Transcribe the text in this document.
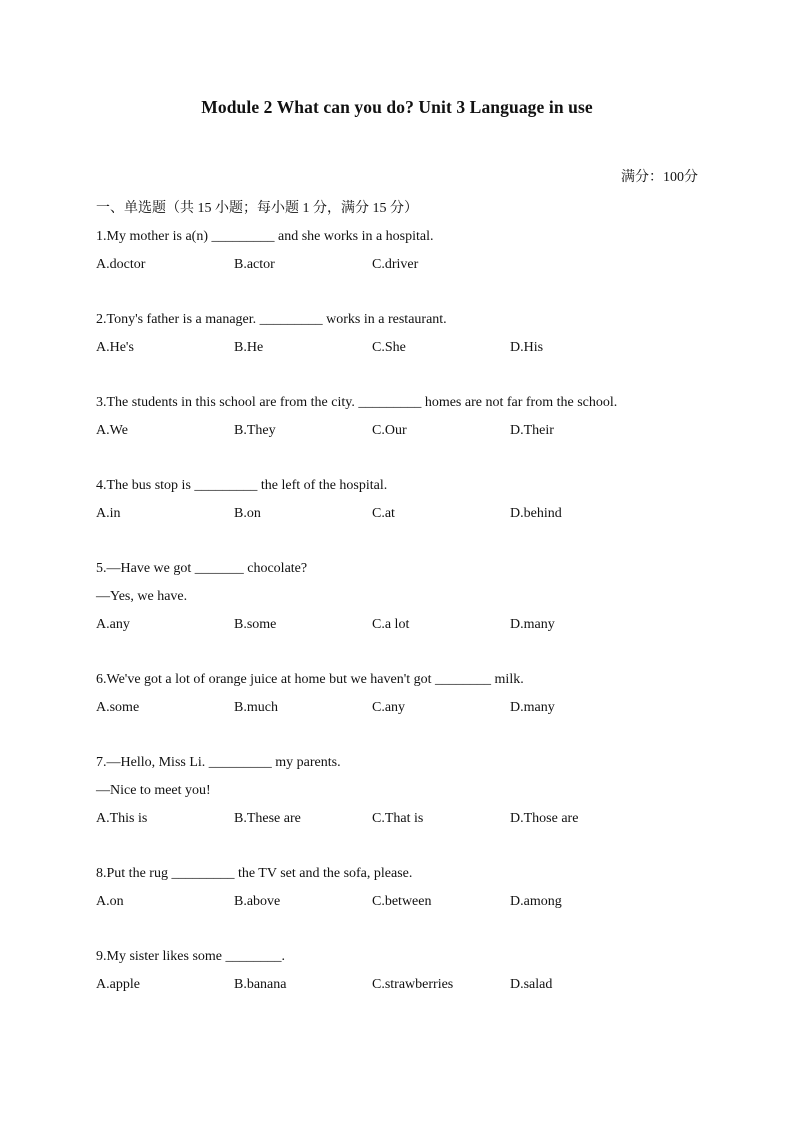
Module 2 What can you do? Unit 3 Language in use
满分：100分
一、单选题（共 15 小题；每小题 1 分，满分 15 分）
1.My mother is a(n) _________ and she works in a hospital.
A.doctor	B.actor	C.driver
2.Tony's father is a manager. _________ works in a restaurant.
A.He's	B.He	C.She	D.His
3.The students in this school are from the city. _________ homes are not far from the school.
A.We	B.They	C.Our	D.Their
4.The bus stop is _________ the left of the hospital.
A.in	B.on	C.at	D.behind
5.—Have we got _______ chocolate?
—Yes, we have.
A.any	B.some	C.a lot	D.many
6.We've got a lot of orange juice at home but we haven't got ________ milk.
A.some	B.much	C.any	D.many
7.—Hello, Miss Li. _________ my parents.
—Nice to meet you!
A.This is	B.These are	C.That is	D.Those are
8.Put the rug _________ the TV set and the sofa, please.
A.on	B.above	C.between	D.among
9.My sister likes some ________.
A.apple	B.banana	C.strawberries	D.salad
